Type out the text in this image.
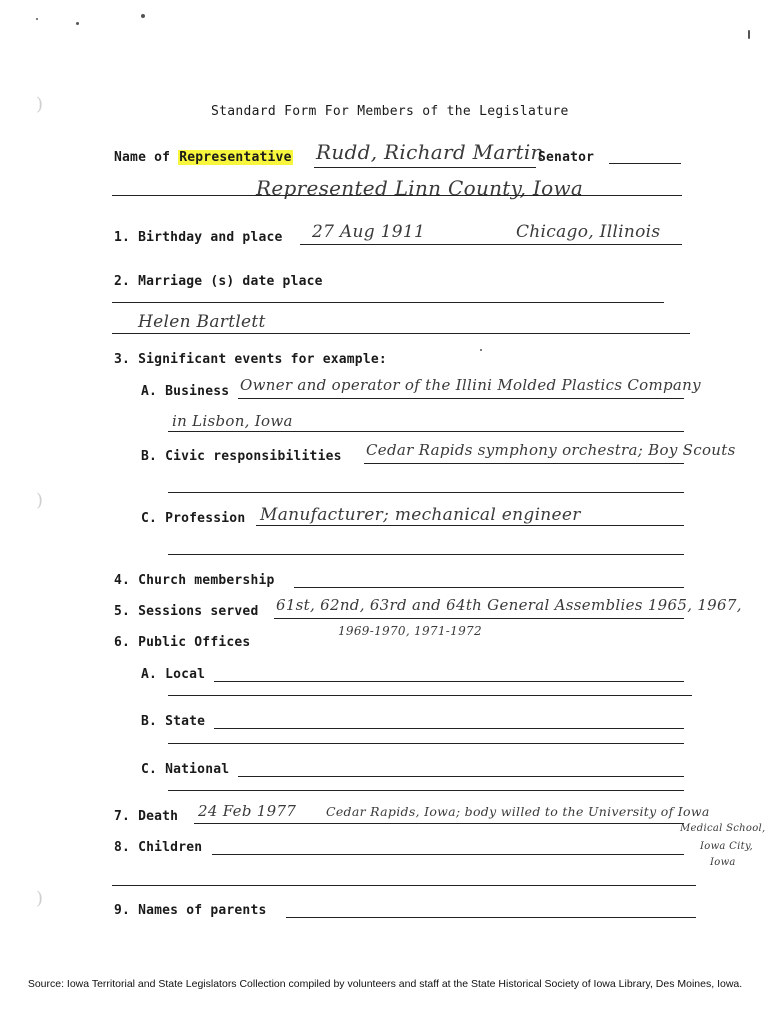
)
)
)
Standard Form For Members of the Legislature
Name of Representative Rudd, Richard Martin
Senator
Represented Linn County, Iowa
1. Birthday and place 27 Aug 1911	Chicago, Illinois
2. Marriage (s) date place
Helen Bartlett
3. Significant events for example:
A. Business Owner and operator of the Illini Molded Plastics Company
in Lisbon, Iowa
B. Civic responsibilities Cedar Rapids symphony orchestra; Boy Scouts
C. Profession Manufacturer; mechanical engineer
4. Church membership
5. Sessions served 61st, 62nd, 63rd and 64th General Assemblies 1965, 1967,
1969-1970, 1971-1972
6. Public Offices
A. Local
B. State
C. National
7. Death 24 Feb 1977 Cedar Rapids, Iowa; body willed to the University of Iowa
Medical School,
Iowa City,
Iowa
8. Children
9. Names of parents
Source: Iowa Territorial and State Legislators Collection compiled by volunteers and staff at the State Historical Society of Iowa Library, Des Moines, Iowa.
